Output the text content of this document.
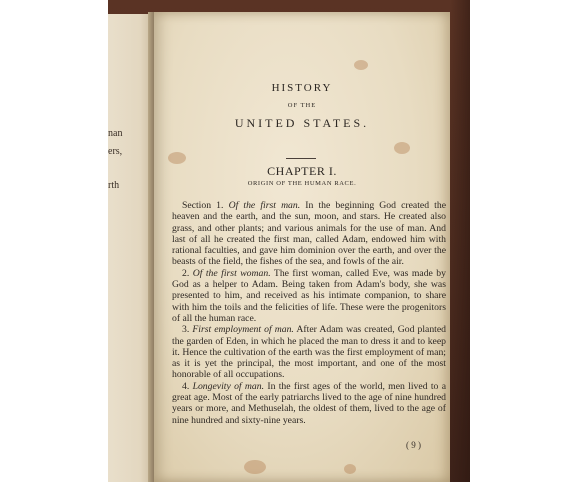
nan
ers,
rth
HISTORY
OF THE
UNITED STATES.
CHAPTER I.
ORIGIN OF THE HUMAN RACE.

Section 1. Of the first man. In the beginning God created the heaven and the earth, and the sun, moon, and stars. He created also grass, and other plants; and various animals for the use of man. And last of all he created the first man, called Adam, endowed him with rational faculties, and gave him dominion over the earth, and over the beasts of the field, the fishes of the sea, and fowls of the air.

2. Of the first woman. The first woman, called Eve, was made by God as a helper to Adam. Being taken from Adam's body, she was presented to him, and received as his intimate companion, to share with him the toils and the felicities of life. These were the progenitors of all the human race.

3. First employment of man. After Adam was created, God planted the garden of Eden, in which he placed the man to dress it and to keep it. Hence the cultivation of the earth was the first employment of man; as it is yet the principal, the most important, and one of the most honorable of all occupations.

4. Longevity of man. In the first ages of the world, men lived to a great age. Most of the early patriarchs lived to the age of nine hundred years or more, and Methuselah, the oldest of them, lived to the age of nine hundred and sixty-nine years.

( 9 )
